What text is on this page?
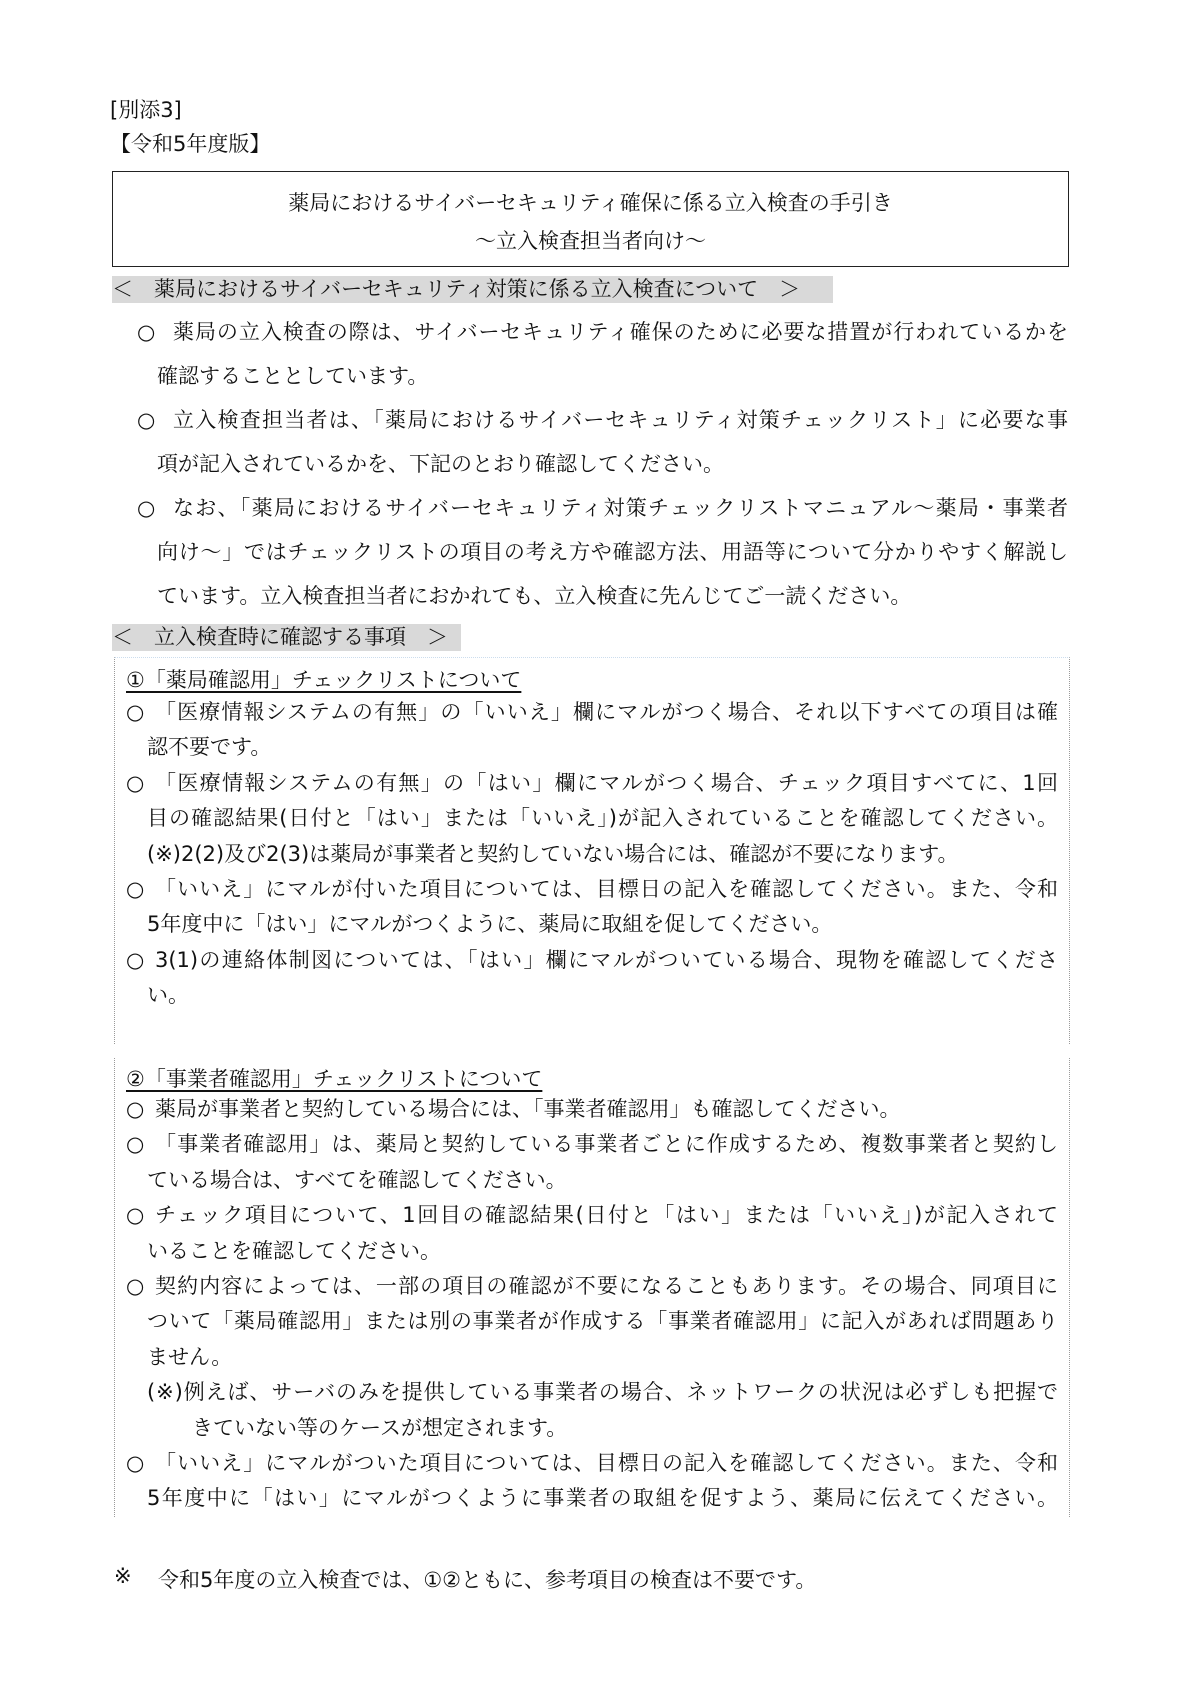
[別添3]
【令和5年度版】
薬局におけるサイバーセキュリティ確保に係る立入検査の手引き
～立入検査担当者向け～
＜　薬局におけるサイバーセキュリティ対策に係る立入検査について　＞
○ 薬局の立入検査の際は、サイバーセキュリティ確保のために必要な措置が行われているかを
確認することとしています。
○ 立入検査担当者は、「薬局におけるサイバーセキュリティ対策チェックリスト」に必要な事
項が記入されているかを、下記のとおり確認してください。
○ なお、「薬局におけるサイバーセキュリティ対策チェックリストマニュアル～薬局・事業者
向け～」ではチェックリストの項目の考え方や確認方法、用語等について分かりやすく解説し
ています。立入検査担当者におかれても、立入検査に先んじてご一読ください。
＜　立入検査時に確認する事項　＞
①「薬局確認用」チェックリストについて
○ 「医療情報システムの有無」の「いいえ」欄にマルがつく場合、それ以下すべての項目は確
認不要です。
○ 「医療情報システムの有無」の「はい」欄にマルがつく場合、チェック項目すべてに、1回
目の確認結果(日付と「はい」または「いいえ」)が記入されていることを確認してください。
(※)2(2)及び2(3)は薬局が事業者と契約していない場合には、確認が不要になります。
○ 「いいえ」にマルが付いた項目については、目標日の記入を確認してください。また、令和
5年度中に「はい」にマルがつくように、薬局に取組を促してください。
○ 3(1)の連絡体制図については、「はい」欄にマルがついている場合、現物を確認してくださ
い。
②「事業者確認用」チェックリストについて
○ 薬局が事業者と契約している場合には、「事業者確認用」も確認してください。
○ 「事業者確認用」は、薬局と契約している事業者ごとに作成するため、複数事業者と契約し
ている場合は、すべてを確認してください。
○ チェック項目について、1回目の確認結果(日付と「はい」または「いいえ」)が記入されて
いることを確認してください。
○ 契約内容によっては、一部の項目の確認が不要になることもあります。その場合、同項目に
ついて「薬局確認用」または別の事業者が作成する「事業者確認用」に記入があれば問題あり
ません。
(※)例えば、サーバのみを提供している事業者の場合、ネットワークの状況は必ずしも把握で
きていない等のケースが想定されます。
○ 「いいえ」にマルがついた項目については、目標日の記入を確認してください。また、令和
5年度中に「はい」にマルがつくように事業者の取組を促すよう、薬局に伝えてください。
※ 令和5年度の立入検査では、①②ともに、参考項目の検査は不要です。
